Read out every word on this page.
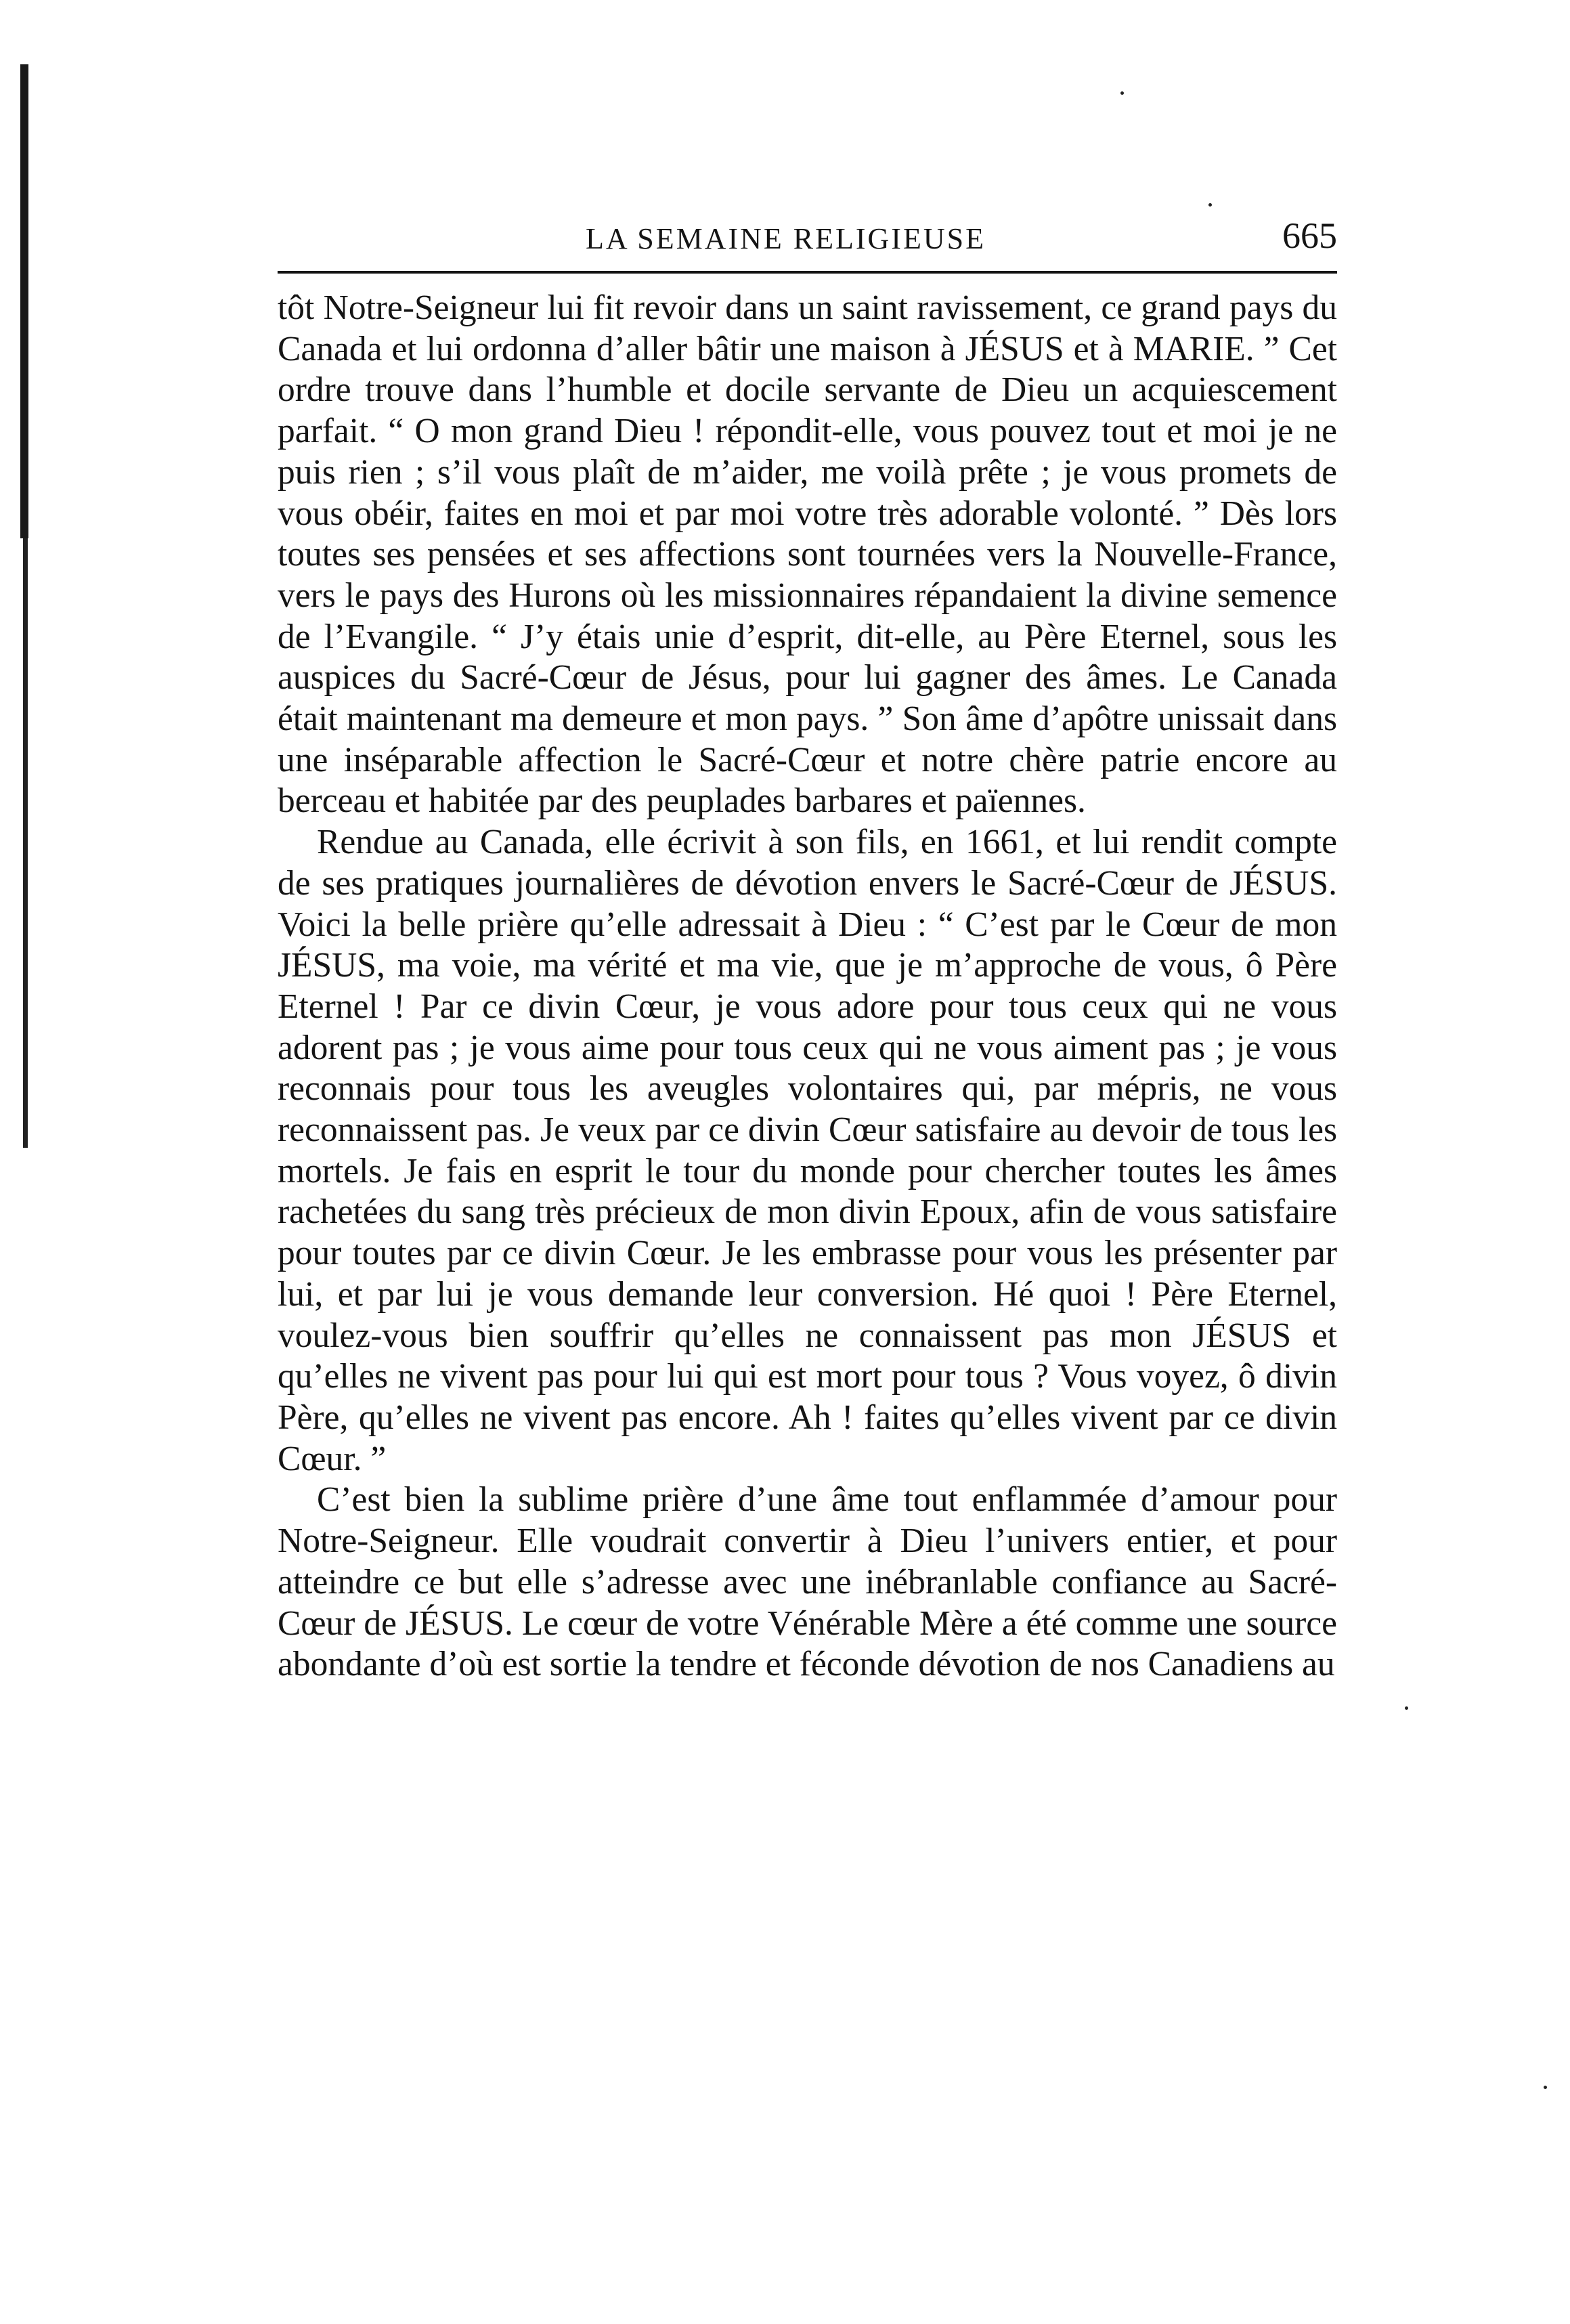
LA SEMAINE RELIGIEUSE	665

tôt Notre-Seigneur lui fit revoir dans un saint ravissement, ce grand pays du Canada et lui ordonna d’aller bâtir une maison à JÉSUS et à MARIE. ” Cet ordre trouve dans l’humble et docile servante de Dieu un acquiescement parfait. “ O mon grand Dieu ! répondit-elle, vous pouvez tout et moi je ne puis rien ; s’il vous plaît de m’aider, me voilà prête ; je vous promets de vous obéir, faites en moi et par moi votre très adorable volonté. ” Dès lors toutes ses pensées et ses affections sont tournées vers la Nouvelle-France, vers le pays des Hurons où les missionnaires répandaient la divine semence de l’Evangile. “ J’y étais unie d’esprit, dit-elle, au Père Eternel, sous les auspices du Sacré-Cœur de Jésus, pour lui gagner des âmes. Le Canada était maintenant ma demeure et mon pays. ” Son âme d’apôtre unissait dans une inséparable affection le Sacré-Cœur et notre chère patrie encore au berceau et habitée par des peuplades barbares et païennes.

Rendue au Canada, elle écrivit à son fils, en 1661, et lui rendit compte de ses pratiques journalières de dévotion envers le Sacré-Cœur de JÉSUS. Voici la belle prière qu’elle adressait à Dieu : “ C’est par le Cœur de mon JÉSUS, ma voie, ma vérité et ma vie, que je m’approche de vous, ô Père Eternel ! Par ce divin Cœur, je vous adore pour tous ceux qui ne vous adorent pas ; je vous aime pour tous ceux qui ne vous aiment pas ; je vous reconnais pour tous les aveugles volontaires qui, par mépris, ne vous reconnaissent pas. Je veux par ce divin Cœur satisfaire au devoir de tous les mortels. Je fais en esprit le tour du monde pour chercher toutes les âmes rachetées du sang très précieux de mon divin Epoux, afin de vous satisfaire pour toutes par ce divin Cœur. Je les embrasse pour vous les présenter par lui, et par lui je vous demande leur conversion. Hé quoi ! Père Eternel, voulez-vous bien souffrir qu’elles ne connaissent pas mon JÉSUS et qu’elles ne vivent pas pour lui qui est mort pour tous ? Vous voyez, ô divin Père, qu’elles ne vivent pas encore. Ah ! faites qu’elles vivent par ce divin Cœur. ”

C’est bien la sublime prière d’une âme tout enflammée d’amour pour Notre-Seigneur. Elle voudrait convertir à Dieu l’univers entier, et pour atteindre ce but elle s’adresse avec une inébranlable confiance au Sacré-Cœur de JÉSUS. Le cœur de votre Vénérable Mère a été comme une source abondante d’où est sortie la tendre et féconde dévotion de nos Canadiens au
